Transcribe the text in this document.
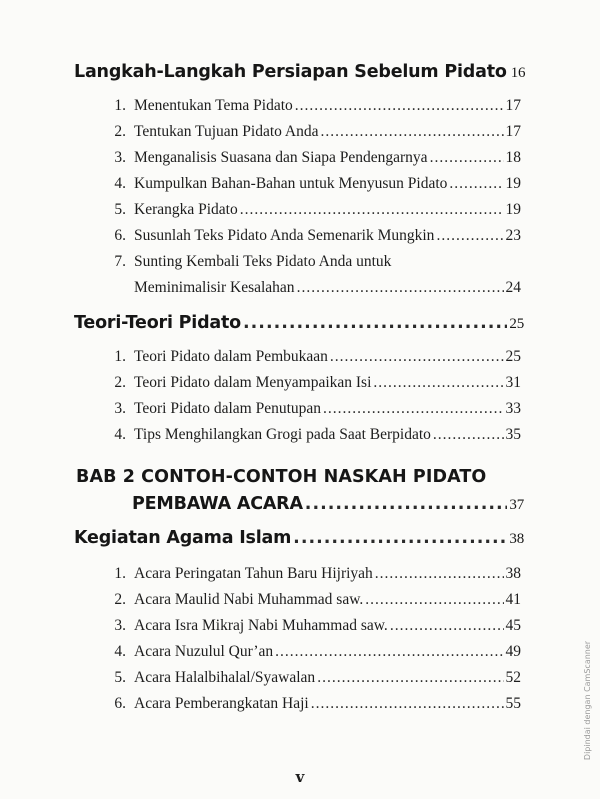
Langkah-Langkah Persiapan Sebelum Pidato 16
1. Menentukan Tema Pidato .....	17
2. Tentukan Tujuan Pidato Anda .....	17
3. Menganalisis Suasana dan Siapa Pendengarnya .....	18
4. Kumpulkan Bahan-Bahan untuk Menyusun Pidato .....	19
5. Kerangka Pidato .....	19
6. Susunlah Teks Pidato Anda Semenarik Mungkin .....	23
7. Sunting Kembali Teks Pidato Anda untuk
Meminimalisir Kesalahan .....	24
Teori-Teori Pidato .....	25
1. Teori Pidato dalam Pembukaan .....	25
2. Teori Pidato dalam Menyampaikan Isi .....	31
3. Teori Pidato dalam Penutupan .....	33
4. Tips Menghilangkan Grogi pada Saat Berpidato .....	35
BAB 2 CONTOH-CONTOH NASKAH PIDATO
PEMBAWA ACARA .....	37
Kegiatan Agama Islam .....	38
1. Acara Peringatan Tahun Baru Hijriyah .....	38
2. Acara Maulid Nabi Muhammad saw. .....	41
3. Acara Isra Mikraj Nabi Muhammad saw. .....	45
4. Acara Nuzulul Qur’an .....	49
5. Acara Halalbihalal/Syawalan .....	52
6. Acara Pemberangkatan Haji .....	55
v
Dipindai dengan CamScanner
